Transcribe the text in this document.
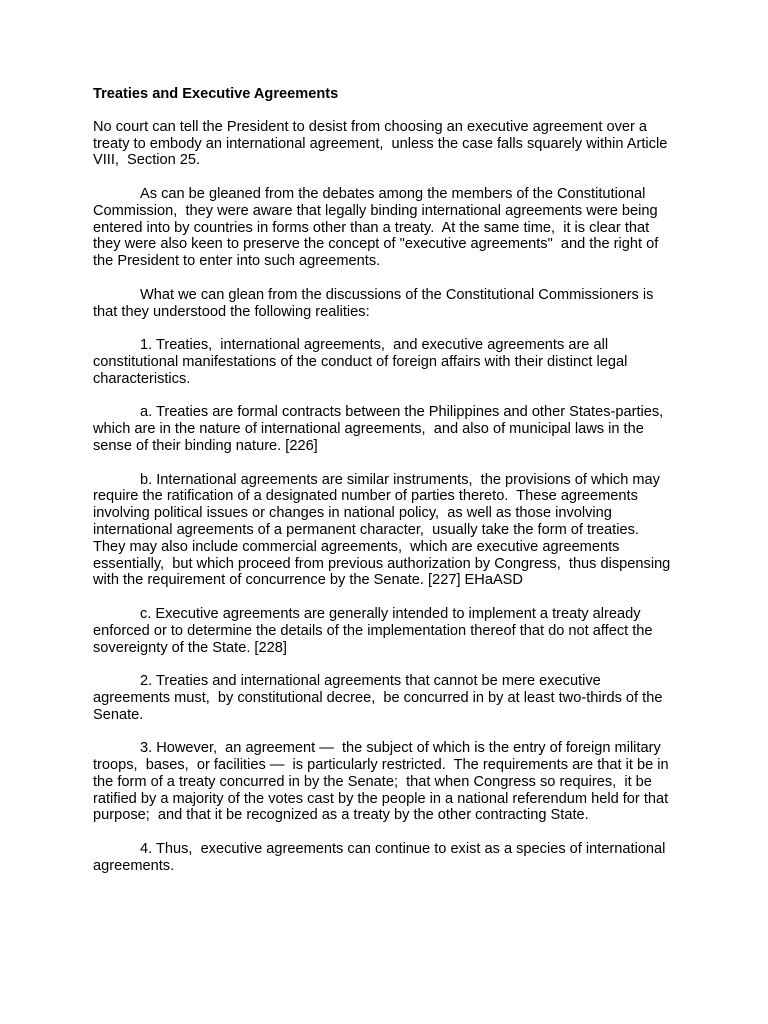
Treaties and Executive Agreements

No court can tell the President to desist from choosing an executive agreement over a treaty to embody an international agreement,  unless the case falls squarely within Article VIII,  Section 25.

As can be gleaned from the debates among the members of the Constitutional Commission,  they were aware that legally binding international agreements were being entered into by countries in forms other than a treaty.  At the same time,  it is clear that they were also keen to preserve the concept of "executive agreements"  and the right of the President to enter into such agreements.

What we can glean from the discussions of the Constitutional Commissioners is that they understood the following realities:

1. Treaties,  international agreements,  and executive agreements are all constitutional manifestations of the conduct of foreign affairs with their distinct legal characteristics.

a. Treaties are formal contracts between the Philippines and other States-parties,  which are in the nature of international agreements,  and also of municipal laws in the sense of their binding nature. [226]

b. International agreements are similar instruments,  the provisions of which may require the ratification of a designated number of parties thereto.  These agreements involving political issues or changes in national policy,  as well as those involving international agreements of a permanent character,  usually take the form of treaties.  They may also include commercial agreements,  which are executive agreements essentially,  but which proceed from previous authorization by Congress,  thus dispensing with the requirement of concurrence by the Senate. [227] EHaASD

c. Executive agreements are generally intended to implement a treaty already enforced or to determine the details of the implementation thereof that do not affect the sovereignty of the State. [228]

2. Treaties and international agreements that cannot be mere executive agreements must,  by constitutional decree,  be concurred in by at least two-thirds of the Senate.

3. However,  an agreement —  the subject of which is the entry of foreign military troops,  bases,  or facilities —  is particularly restricted.  The requirements are that it be in the form of a treaty concurred in by the Senate;  that when Congress so requires,  it be ratified by a majority of the votes cast by the people in a national referendum held for that purpose;  and that it be recognized as a treaty by the other contracting State.

4. Thus,  executive agreements can continue to exist as a species of international agreements.
